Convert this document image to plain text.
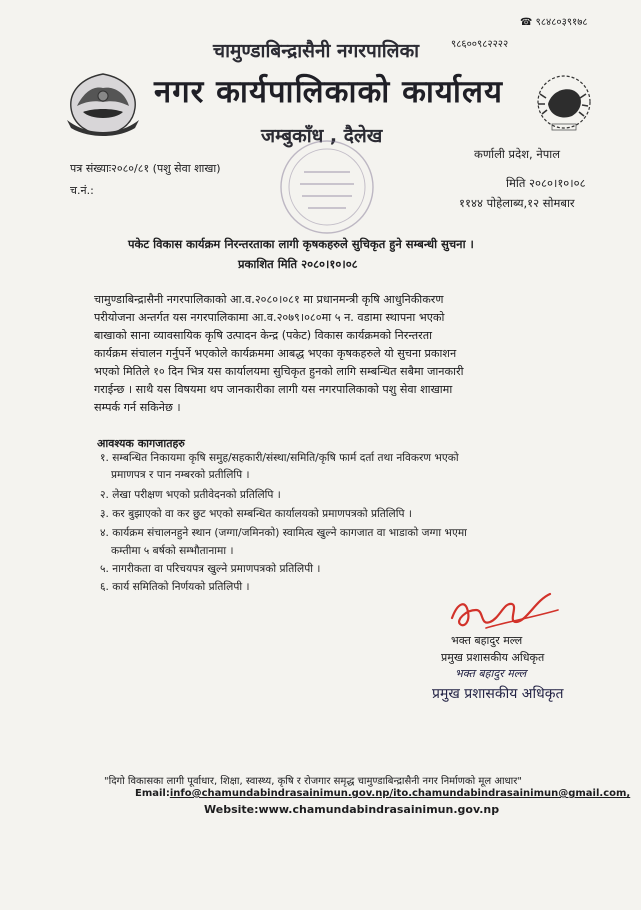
☎ ९८४८०३९१७८
चामुण्डाबिन्द्रासैनी नगरपालिका	९८६००९८२२२२
नगर कार्यपालिकाको कार्यालय
जम्बुकाँध , दैलेख
पत्र संख्याः२०८०/८१ (पशु सेवा शाखा)
च.नं.:
कर्णाली प्रदेश, नेपाल
मिति २०८०।१०।०८
११४४ पोहेलाब्य,१२ सोमबार
पकेट विकास कार्यक्रम निरन्तरताका लागी कृषकहरुले सुचिकृत हुने सम्बन्धी सुचना ।
प्रकाशित मिति २०८०।१०।०८
चामुण्डाबिन्द्रासैनी नगरपालिकाको आ.व.२०८०।०८१ मा प्रधानमन्त्री कृषि आधुनिकीकरण
परीयोजना अन्तर्गत यस नगरपालिकामा आ.व.२०७९।०८०मा ५ न. वडामा स्थापना भएको
बाखाको साना व्यावसायिक कृषि उत्पादन केन्द्र (पकेट) विकास कार्यक्रमको निरन्तरता
कार्यक्रम संचालन गर्नुपर्ने भएकोले कार्यक्रममा आबद्ध भएका कृषकहरुले यो सुचना प्रकाशन
भएको मितिले १० दिन भित्र यस कार्यालयमा सुचिकृत हुनको लागि सम्बन्धित सबैमा जानकारी
गराईन्छ । साथै यस विषयमा थप जानकारीका लागी यस नगरपालिकाको पशु सेवा शाखामा
सम्पर्क गर्न सकिनेछ ।
आवश्यक कागजातहरु
१. सम्बन्धित निकायमा कृषि समुह/सहकारी/संस्था/समिति/कृषि फार्म दर्ता तथा नविकरण भएको
प्रमाणपत्र र पान नम्बरको प्रतीलिपि ।
२. लेखा परीक्षण भएको प्रतीवेदनको प्रतिलिपि ।
३. कर बुझाएको वा कर छुट भएको सम्बन्धित कार्यालयको प्रमाणपत्रको प्रतिलिपि ।
४. कार्यक्रम संचालनहुने स्थान (जग्गा/जमिनको) स्वामित्व खुल्ने कागजात वा भाडाको जग्गा भएमा
कम्तीमा ५ बर्षको सम्भौतानामा ।
५. नागरीकता वा परिचयपत्र खुल्ने प्रमाणपत्रको प्रतिलिपी ।
६. कार्य समितिको निर्णयको प्रतिलिपी ।
भक्त बहादुर मल्ल
प्रमुख प्रशासकीय अधिकृत
भक्त बहादुर मल्ल
प्रमुख प्रशासकीय अधिकृत
"दिगो विकासका लागी पूर्वाधार, शिक्षा, स्वास्थ्य, कृषि र रोजगार समृद्ध चामुण्डाबिन्द्रासैनी नगर निर्माणको मूल आधार"
Email:info@chamundabindrasainimun.gov.np/ito.chamundabindrasainimun@gmail.com,
Website:www.chamundabindrasainimun.gov.np
